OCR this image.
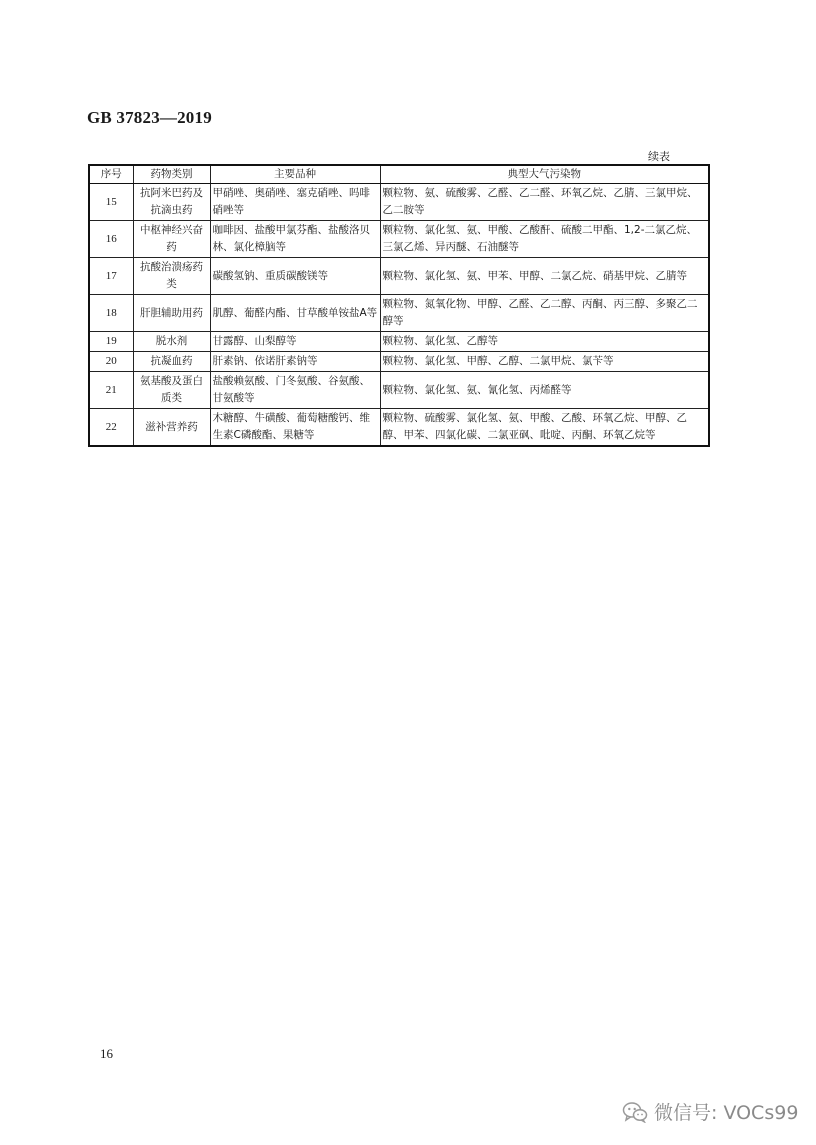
GB 37823—2019
续表
序号	药物类别	主要品种	典型大气污染物
15	抗阿米巴药及抗滴虫药	甲硝唑、奥硝唑、塞克硝唑、吗啡硝唑等	颗粒物、氨、硫酸雾、乙醛、乙二醛、环氧乙烷、乙腈、三氯甲烷、乙二胺等
16	中枢神经兴奋药	咖啡因、盐酸甲氯芬酯、盐酸洛贝林、氯化樟脑等	颗粒物、氯化氢、氨、甲酸、乙酸酐、硫酸二甲酯、1,2-二氯乙烷、三氯乙烯、异丙醚、石油醚等
17	抗酸治溃疡药类	碳酸氢钠、重质碳酸镁等	颗粒物、氯化氢、氨、甲苯、甲醇、二氯乙烷、硝基甲烷、乙腈等
18	肝胆辅助用药	肌醇、葡醛内酯、甘草酸单铵盐A等	颗粒物、氮氧化物、甲醇、乙醛、乙二醇、丙酮、丙三醇、多聚乙二醇等
19	脱水剂	甘露醇、山梨醇等	颗粒物、氯化氢、乙醇等
20	抗凝血药	肝素钠、依诺肝素钠等	颗粒物、氯化氢、甲醇、乙醇、二氯甲烷、氯苄等
21	氨基酸及蛋白质类	盐酸赖氨酸、门冬氨酸、谷氨酸、甘氨酸等	颗粒物、氯化氢、氨、氰化氢、丙烯醛等
22	滋补营养药	木糖醇、牛磺酸、葡萄糖酸钙、维生素C磷酸酯、果糖等	颗粒物、硫酸雾、氯化氢、氨、甲酸、乙酸、环氧乙烷、甲醇、乙醇、甲苯、四氯化碳、二氯亚砜、吡啶、丙酮、环氧乙烷等
16
微信号: VOCs99
